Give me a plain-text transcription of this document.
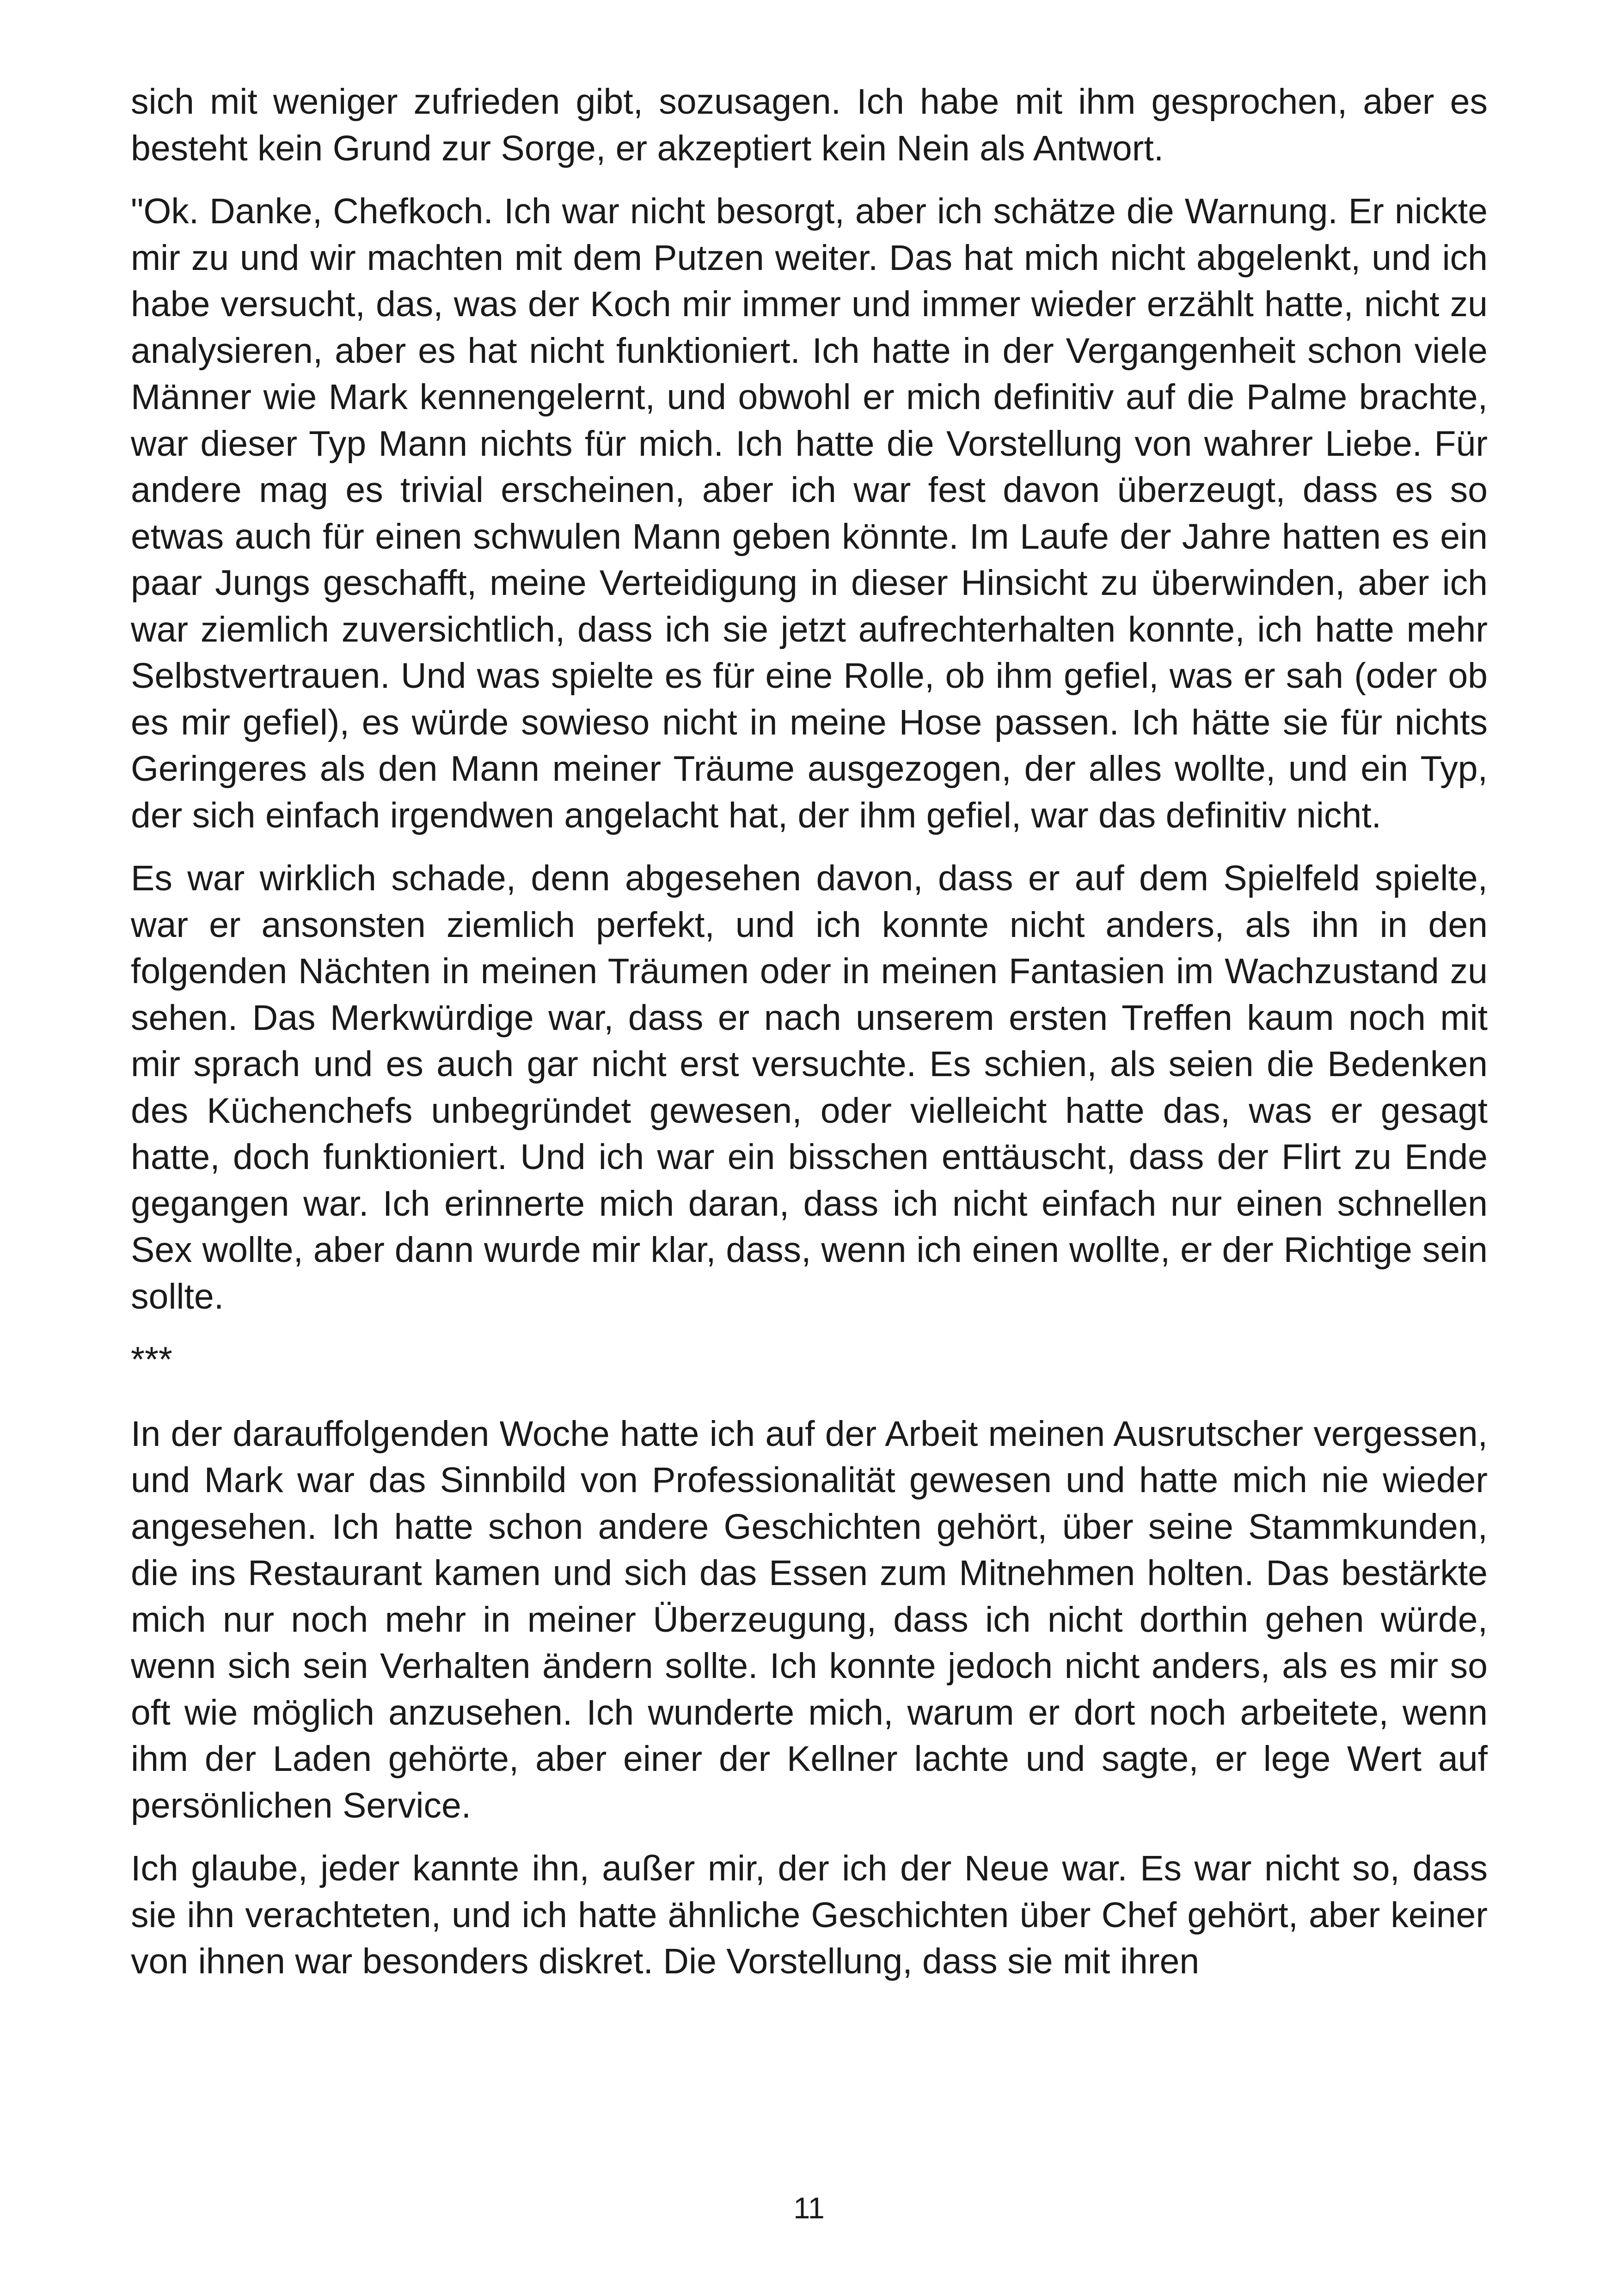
sich mit weniger zufrieden gibt, sozusagen. Ich habe mit ihm gesprochen, aber es besteht kein Grund zur Sorge, er akzeptiert kein Nein als Antwort.

"Ok. Danke, Chefkoch. Ich war nicht besorgt, aber ich schätze die Warnung. Er nickte mir zu und wir machten mit dem Putzen weiter. Das hat mich nicht abgelenkt, und ich habe versucht, das, was der Koch mir immer und immer wieder erzählt hatte, nicht zu analysieren, aber es hat nicht funktioniert. Ich hatte in der Vergangenheit schon viele Männer wie Mark kennengelernt, und obwohl er mich definitiv auf die Palme brachte, war dieser Typ Mann nichts für mich. Ich hatte die Vorstellung von wahrer Liebe. Für andere mag es trivial erscheinen, aber ich war fest davon überzeugt, dass es so etwas auch für einen schwulen Mann geben könnte. Im Laufe der Jahre hatten es ein paar Jungs geschafft, meine Verteidigung in dieser Hinsicht zu überwinden, aber ich war ziemlich zuversichtlich, dass ich sie jetzt aufrechterhalten konnte, ich hatte mehr Selbstvertrauen. Und was spielte es für eine Rolle, ob ihm gefiel, was er sah (oder ob es mir gefiel), es würde sowieso nicht in meine Hose passen. Ich hätte sie für nichts Geringeres als den Mann meiner Träume ausgezogen, der alles wollte, und ein Typ, der sich einfach irgendwen angelacht hat, der ihm gefiel, war das definitiv nicht.

Es war wirklich schade, denn abgesehen davon, dass er auf dem Spielfeld spielte, war er ansonsten ziemlich perfekt, und ich konnte nicht anders, als ihn in den folgenden Nächten in meinen Träumen oder in meinen Fantasien im Wachzustand zu sehen. Das Merkwürdige war, dass er nach unserem ersten Treffen kaum noch mit mir sprach und es auch gar nicht erst versuchte. Es schien, als seien die Bedenken des Küchenchefs unbegründet gewesen, oder vielleicht hatte das, was er gesagt hatte, doch funktioniert. Und ich war ein bisschen enttäuscht, dass der Flirt zu Ende gegangen war. Ich erinnerte mich daran, dass ich nicht einfach nur einen schnellen Sex wollte, aber dann wurde mir klar, dass, wenn ich einen wollte, er der Richtige sein sollte.

***

In der darauffolgenden Woche hatte ich auf der Arbeit meinen Ausrutscher vergessen, und Mark war das Sinnbild von Professionalität gewesen und hatte mich nie wieder angesehen. Ich hatte schon andere Geschichten gehört, über seine Stammkunden, die ins Restaurant kamen und sich das Essen zum Mitnehmen holten. Das bestärkte mich nur noch mehr in meiner Überzeugung, dass ich nicht dorthin gehen würde, wenn sich sein Verhalten ändern sollte. Ich konnte jedoch nicht anders, als es mir so oft wie möglich anzusehen. Ich wunderte mich, warum er dort noch arbeitete, wenn ihm der Laden gehörte, aber einer der Kellner lachte und sagte, er lege Wert auf persönlichen Service.

Ich glaube, jeder kannte ihn, außer mir, der ich der Neue war. Es war nicht so, dass sie ihn verachteten, und ich hatte ähnliche Geschichten über Chef gehört, aber keiner von ihnen war besonders diskret. Die Vorstellung, dass sie mit ihren

11
